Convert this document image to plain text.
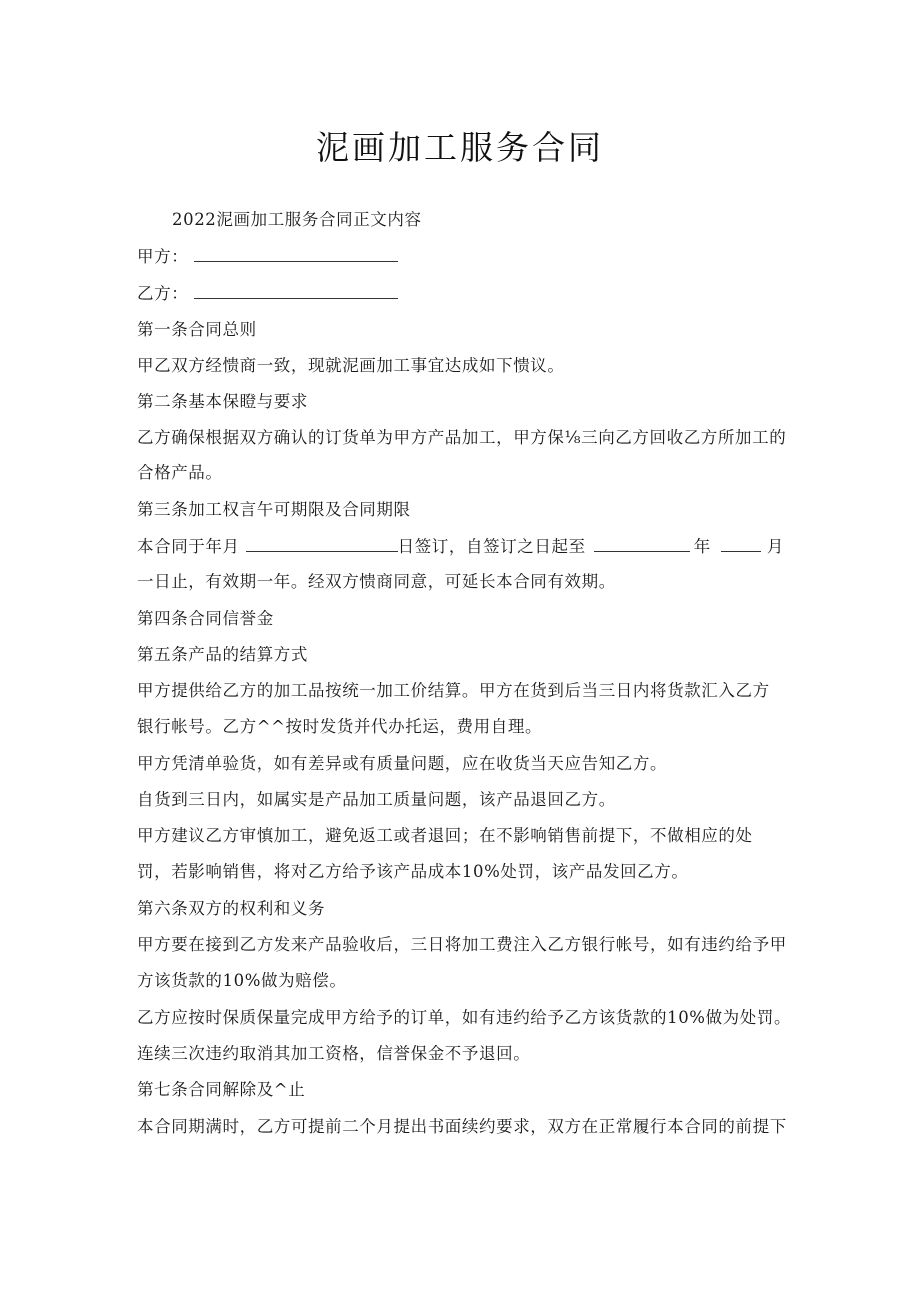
泥画加工服务合同
2022泥画加工服务合同正文内容
甲方：
乙方：
第一条合同总则
甲乙双方经愦商一致，现就泥画加工事宜达成如下愦议。
第二条基本保瞪与要求
乙方确保根据双方确认的订货单为甲方产品加工，甲方保⅛三向乙方回收乙方所加工的
合格产品。
第三条加工权言午可期限及合同期限
本合同于年月	日签订，自签订之日起至	年	月
一日止，有效期一年。经双方愦商同意，可延长本合同有效期。
第四条合同信誉金
第五条产品的结算方式
甲方提供给乙方的加工品按统一加工价结算。甲方在货到后当三日内将货款汇入乙方
银行帐号。乙方^^按时发货并代办托运，费用自理。
甲方凭清单验货，如有差异或有质量问题，应在收货当天应告知乙方。
自货到三日内，如属实是产品加工质量问题，该产品退回乙方。
甲方建议乙方审慎加工，避免返工或者退回；在不影响销售前提下，不做相应的处
罚，若影响销售，将对乙方给予该产品成本10%处罚，该产品发回乙方。
第六条双方的权利和义务
甲方要在接到乙方发来产品验收后，三日将加工费注入乙方银行帐号，如有违约给予甲
方该货款的10%做为赔偿。
乙方应按时保质保量完成甲方给予的订单，如有违约给予乙方该货款的10%做为处罚。
连续三次违约取消其加工资格，信誉保金不予退回。
第七条合同解除及^止
本合同期满时，乙方可提前二个月提出书面续约要求，双方在正常履行本合同的前提下
